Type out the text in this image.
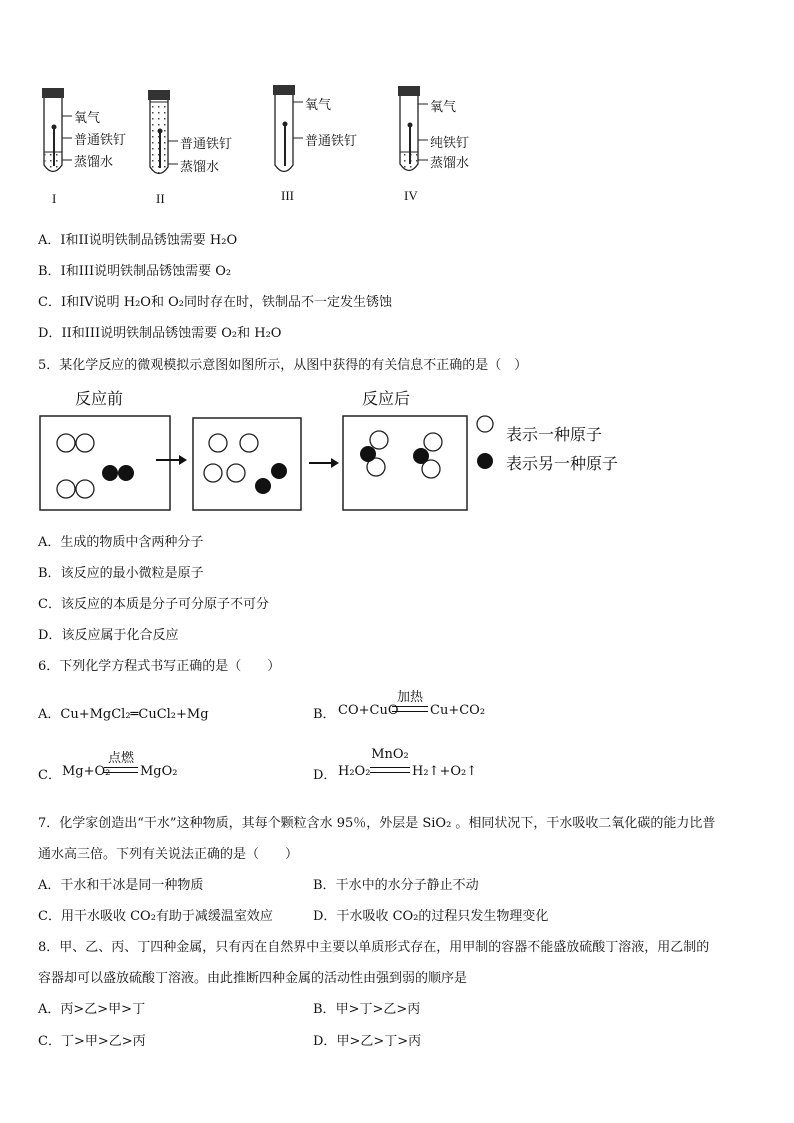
氧气
普通铁钉
蒸馏水
I
普通铁钉
蒸馏水
II
氧气
普通铁钉
III
氧气
纯铁钉
蒸馏水
IV
A．I和II说明铁制品锈蚀需要 H₂O
B．I和III说明铁制品锈蚀需要 O₂
C．I和IV说明 H₂O和 O₂同时存在时，铁制品不一定发生锈蚀
D．II和III说明铁制品锈蚀需要 O₂和 H₂O
5．某化学反应的微观模拟示意图如图所示，从图中获得的有关信息不正确的是（　）
反应前	反应后
表示一种原子
表示另一种原子
A．生成的物质中含两种分子
B．该反应的最小微粒是原子
C．该反应的本质是分子可分原子不可分
D．该反应属于化合反应
6．下列化学方程式书写正确的是（　　）
A．Cu+MgCl₂═CuCl₂+Mg	B． CO+CuO
加热
Cu+CO₂
C． Mg+O₂
点燃
MgO₂	D． H₂O₂
MnO₂
H₂↑+O₂↑
7．化学家创造出“干水”这种物质，其每个颗粒含水 95％，外层是 SiO₂ 。相同状况下，干水吸收二氧化碳的能力比普
通水高三倍。下列有关说法正确的是（　　）
A．干水和干冰是同一种物质	B．干水中的水分子静止不动
C．用干水吸收 CO₂有助于减缓温室效应	D．干水吸收 CO₂的过程只发生物理变化
8．甲、乙、丙、丁四种金属，只有丙在自然界中主要以单质形式存在，用甲制的容器不能盛放硫酸丁溶液，用乙制的
容器却可以盛放硫酸丁溶液。由此推断四种金属的活动性由强到弱的顺序是
A．丙>乙>甲>丁	B．甲>丁>乙>丙
C．丁>甲>乙>丙	D．甲>乙>丁>丙
